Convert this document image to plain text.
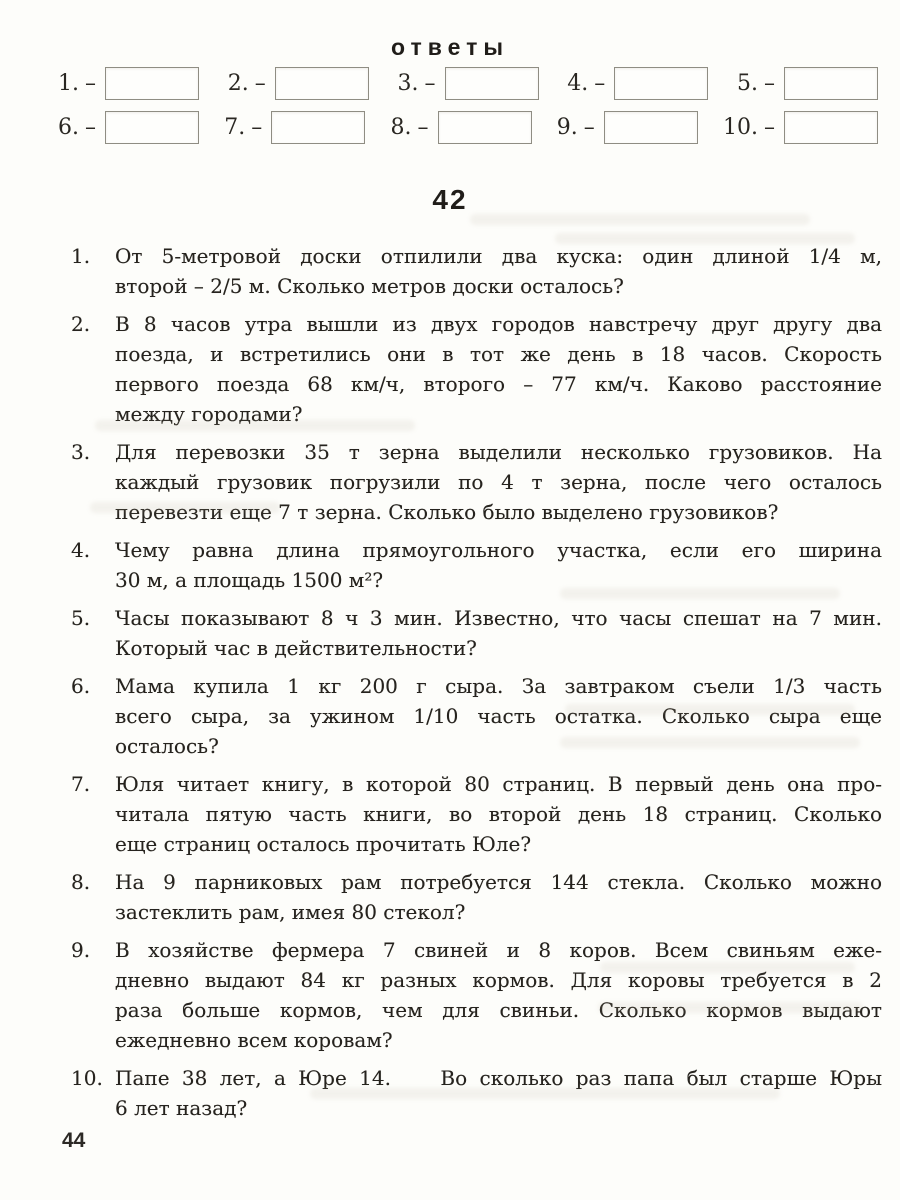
ответы
1. –	2. –	3. –	4. –	5. –
6. –	7. –	8. –	9. –	10. –
42
1.	От 5-метровой доски отпилили два куска: один длиной 1/4 м,
второй – 2/5 м. Сколько метров доски осталось?
2.	В 8 часов утра вышли из двух городов навстречу друг другу два
поезда, и встретились они в тот же день в 18 часов. Скорость
первого поезда 68 км/ч, второго – 77 км/ч. Каково расстояние
между городами?
3.	Для перевозки 35 т зерна выделили несколько грузовиков. На
каждый грузовик погрузили по 4 т зерна, после чего осталось
перевезти еще 7 т зерна. Сколько было выделено грузовиков?
4.	Чему равна длина прямоугольного участка, если его ширина
30 м, а площадь 1500 м²?
5.	Часы показывают 8 ч 3 мин. Известно, что часы спешат на 7 мин.
Который час в действительности?
6.	Мама купила 1 кг 200 г сыра. За завтраком съели 1/3 часть
всего сыра, за ужином 1/10 часть остатка. Сколько сыра еще
осталось?
7.	Юля читает книгу, в которой 80 страниц. В первый день она про-
читала пятую часть книги, во второй день 18 страниц. Сколько
еще страниц осталось прочитать Юле?
8.	На 9 парниковых рам потребуется 144 стекла. Сколько можно
застеклить рам, имея 80 стекол?
9.	В хозяйстве фермера 7 свиней и 8 коров. Всем свиньям еже-
дневно выдают 84 кг разных кормов. Для коровы требуется в 2
раза больше кормов, чем для свиньи. Сколько кормов выдают
ежедневно всем коровам?
10. Папе 38 лет, а Юре 14.    Во сколько раз папа был старше Юры
6 лет назад?
44
